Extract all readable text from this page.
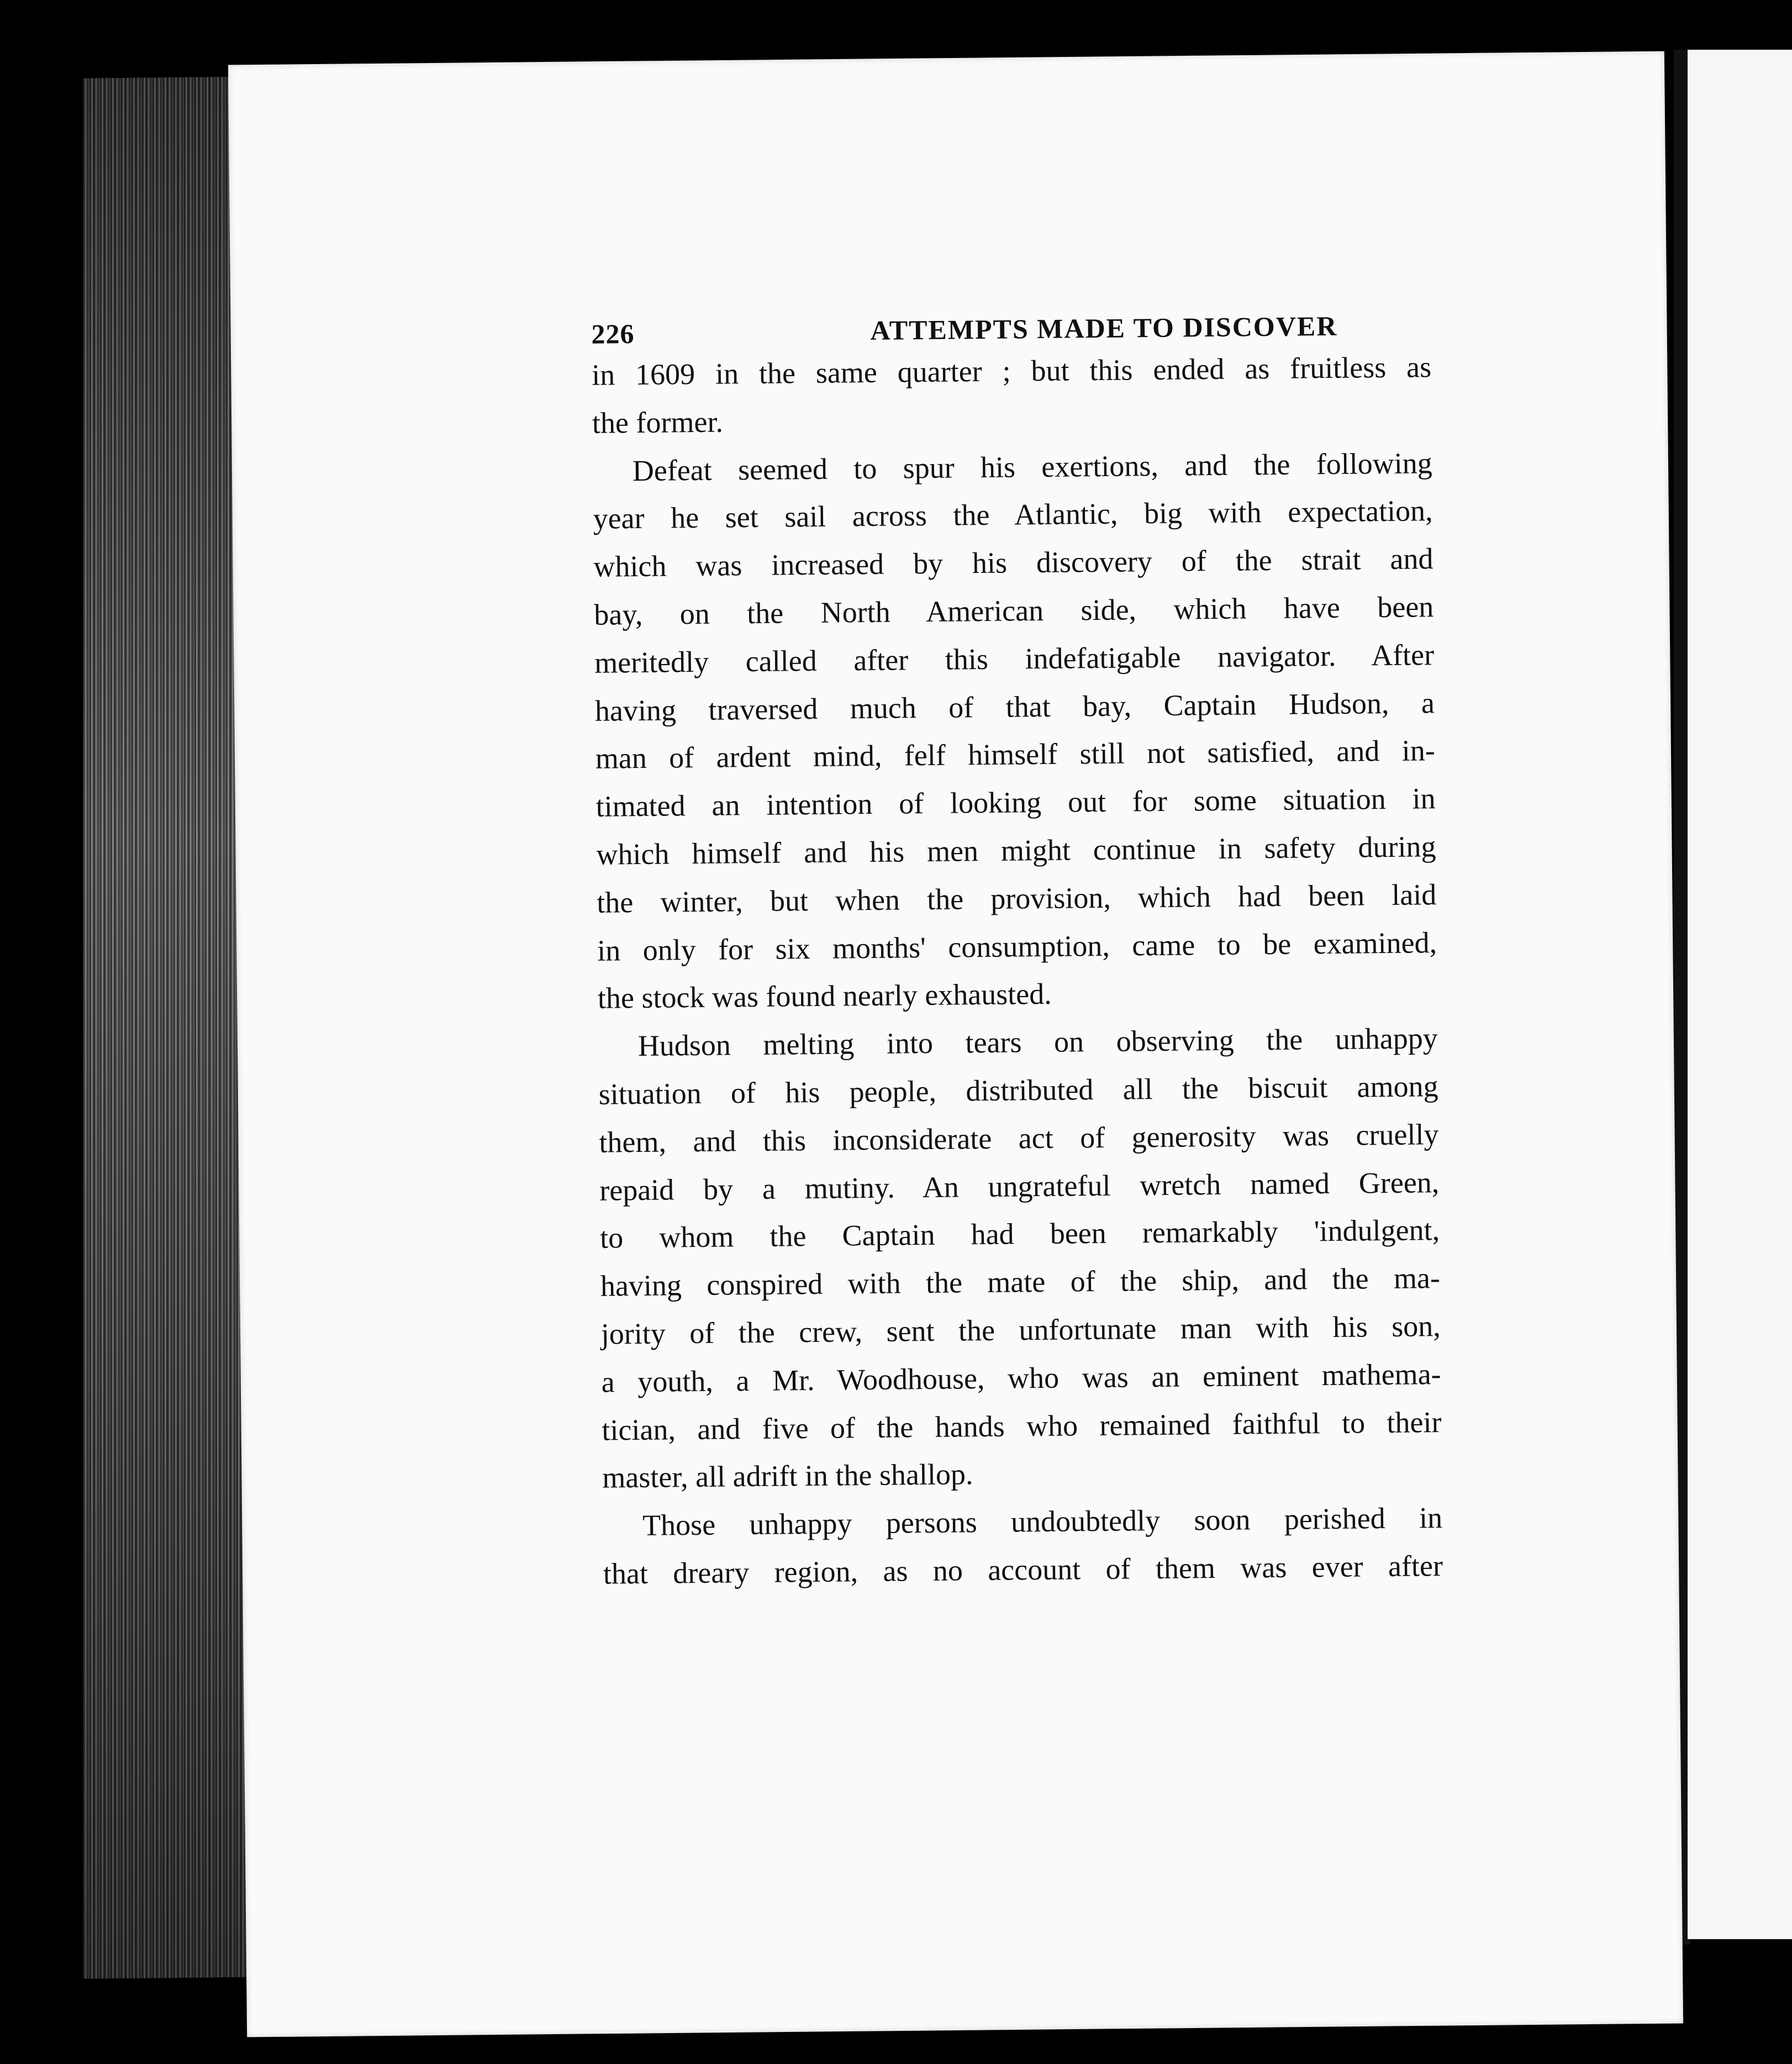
226	ATTEMPTS MADE TO DISCOVER
in 1609 in the same quarter ; but this ended as fruitless as
the former.
Defeat seemed to spur his exertions, and the following
year he set sail across the Atlantic, big with expectation,
which was increased by his discovery of the strait and
bay, on the North American side, which have been
meritedly called after this indefatigable navigator. After
having traversed much of that bay, Captain Hudson, a
man of ardent mind, felf himself still not satisfied, and in-
timated an intention of looking out for some situation in
which himself and his men might continue in safety during
the winter, but when the provision, which had been laid
in only for six months' consumption, came to be examined,
the stock was found nearly exhausted.
Hudson melting into tears on observing the unhappy
situation of his people, distributed all the biscuit among
them, and this inconsiderate act of generosity was cruelly
repaid by a mutiny. An ungrateful wretch named Green,
to whom the Captain had been remarkably 'indulgent,
having conspired with the mate of the ship, and the ma-
jority of the crew, sent the unfortunate man with his son,
a youth, a Mr. Woodhouse, who was an eminent mathema-
tician, and five of the hands who remained faithful to their
master, all adrift in the shallop.
Those unhappy persons undoubtedly soon perished in
that dreary region, as no account of them was ever after
